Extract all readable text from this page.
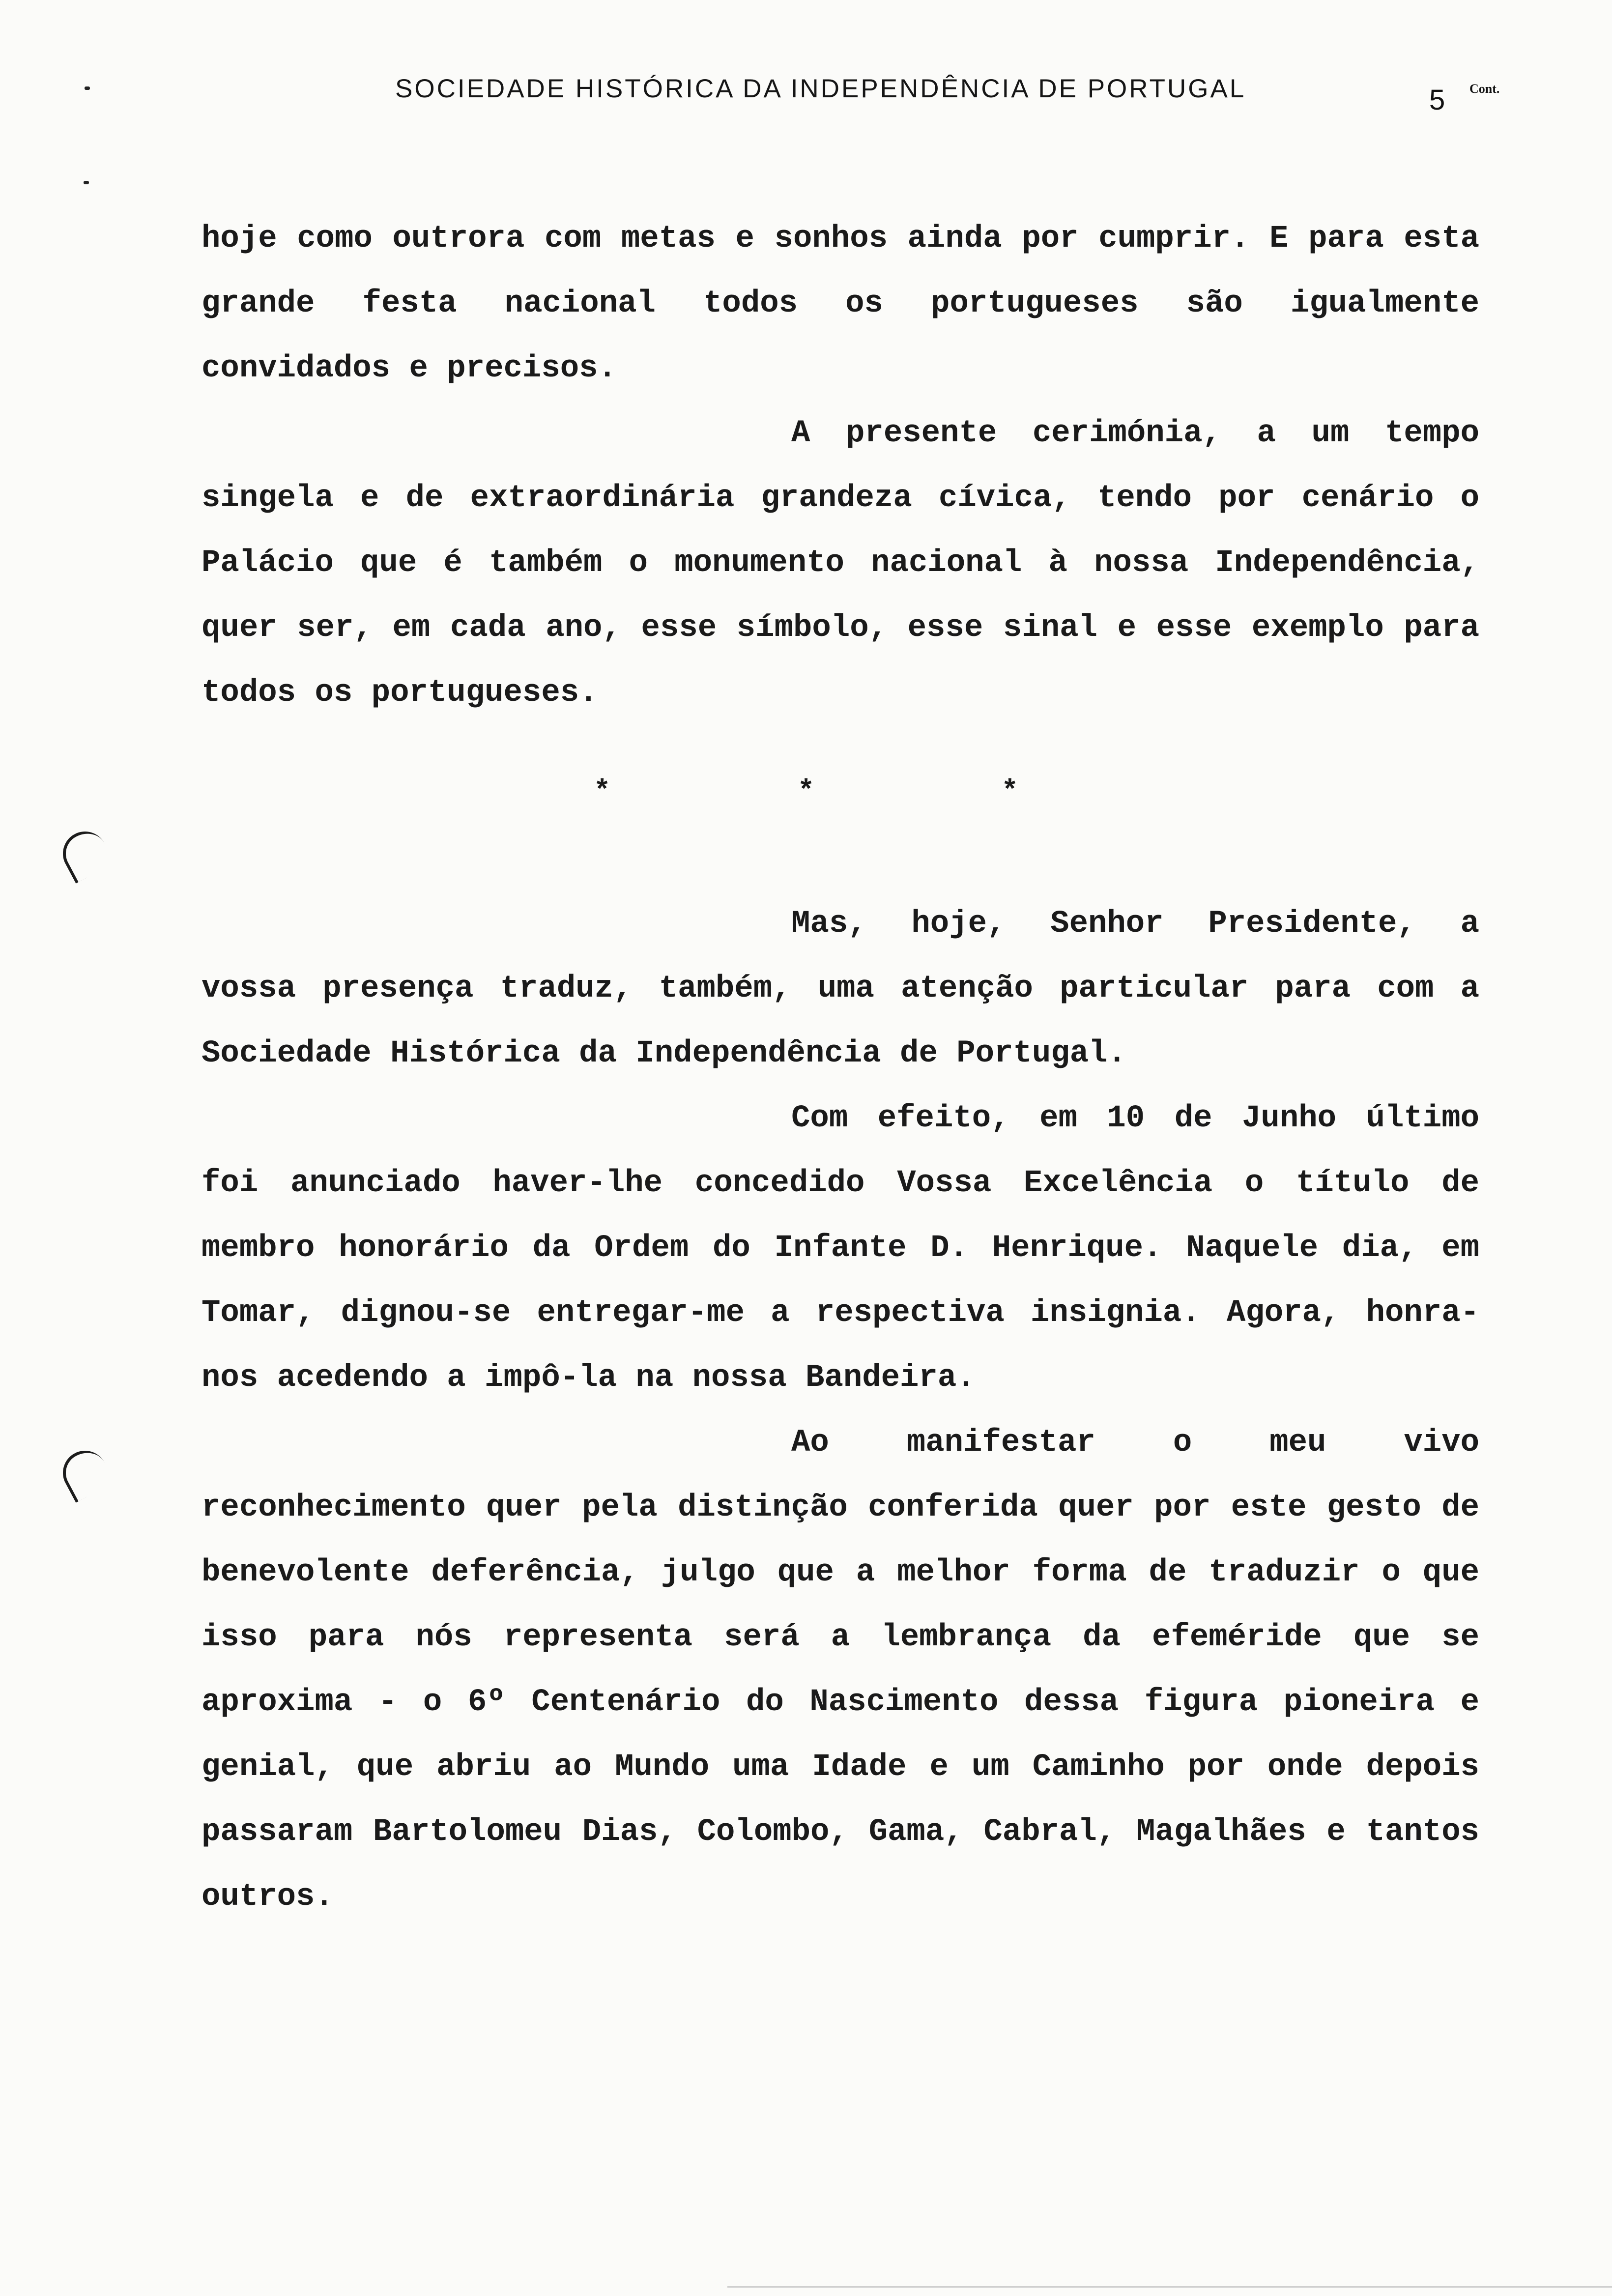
SOCIEDADE HISTÓRICA DA INDEPENDÊNCIA DE PORTUGAL	5 Cont.

hoje como outrora com metas e sonhos ainda por cumprir. E para esta grande festa nacional todos os portugueses são igualmente convidados e precisos.

A presente cerimónia, a um tempo singela e de extraordinária grandeza cívica, tendo por cenário o Palácio que é também o monumento nacional à nossa Independência, quer ser, em cada ano, esse símbolo, esse sinal e esse exemplo para todos os portugueses.

*	*	*

Mas, hoje, Senhor Presidente, a vossa presença traduz, também, uma atenção particular para com a Sociedade Histórica da Independência de Portugal.

Com efeito, em 10 de Junho último foi anunciado haver-lhe concedido Vossa Excelência o título de membro honorário da Ordem do Infante D. Henrique. Naquele dia, em Tomar, dignou-se entregar-me a respectiva insignia. Agora, honra-nos acedendo a impô-la na nossa Bandeira.

Ao manifestar o meu vivo reconhecimento quer pela distinção conferida quer por este gesto de benevolente deferência, julgo que a melhor forma de traduzir o que isso para nós representa será a lembrança da efeméride que se aproxima - o 6º Centenário do Nascimento dessa figura pioneira e genial, que abriu ao Mundo uma Idade e um Caminho por onde depois passaram Bartolomeu Dias, Colombo, Gama, Cabral, Magalhães e tantos outros.
